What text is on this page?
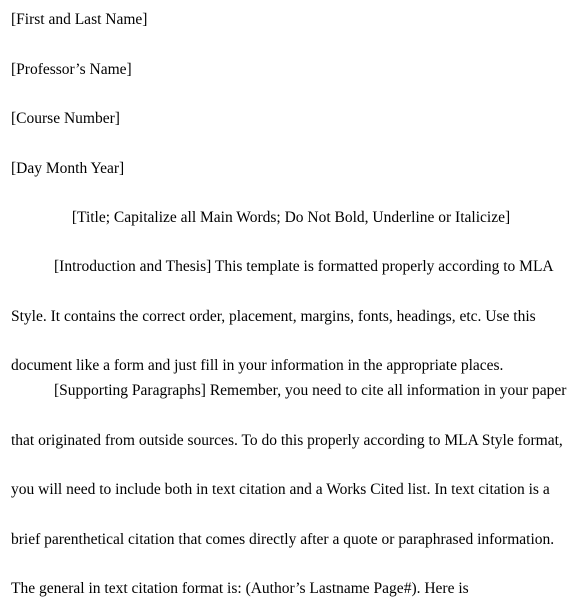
[First and Last Name]
[Professor’s Name]
[Course Number]
[Day Month Year]
[Title; Capitalize all Main Words; Do Not Bold, Underline or Italicize]

[Introduction and Thesis] This template is formatted properly according to MLA Style. It contains the correct order, placement, margins, fonts, headings, etc. Use this document like a form and just fill in your information in the appropriate places.

[Supporting Paragraphs] Remember, you need to cite all information in your paper that originated from outside sources. To do this properly according to MLA Style format, you will need to include both in text citation and a Works Cited list. In text citation is a brief parenthetical citation that comes directly after a quote or paraphrased information. The general in text citation format is: (Author’s Lastname Page#). Here is
